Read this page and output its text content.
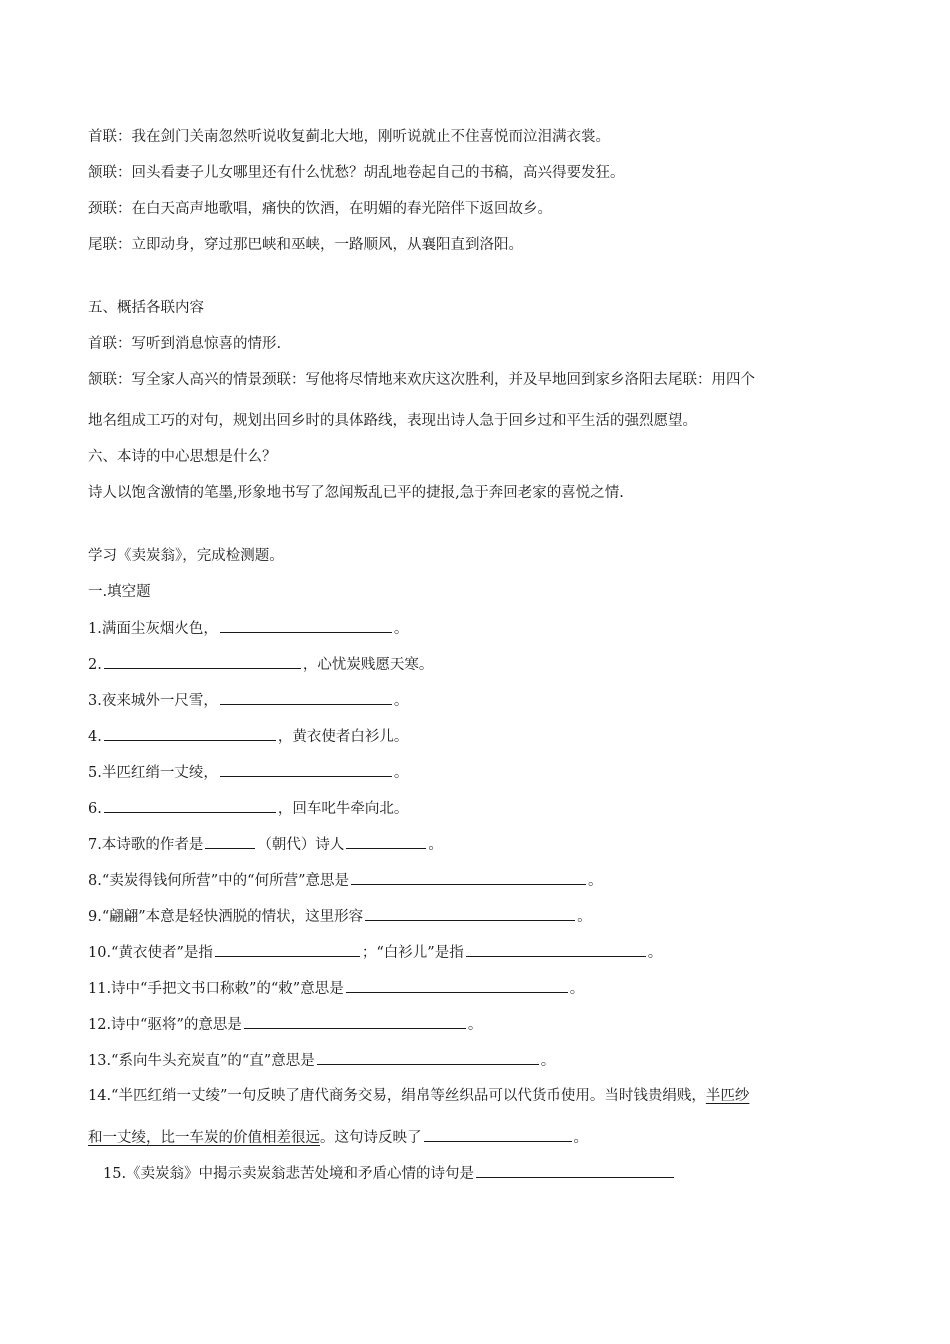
首联：我在剑门关南忽然听说收复蓟北大地，刚听说就止不住喜悦而泣泪满衣裳。
颔联：回头看妻子儿女哪里还有什么忧愁？胡乱地卷起自己的书稿，高兴得要发狂。
颈联：在白天高声地歌唱，痛快的饮酒，在明媚的春光陪伴下返回故乡。
尾联：立即动身，穿过那巴峡和巫峡，一路顺风，从襄阳直到洛阳。
五、概括各联内容
首联：写听到消息惊喜的情形.
颔联：写全家人高兴的情景颈联：写他将尽情地来欢庆这次胜利，并及早地回到家乡洛阳去尾联：用四个
地名组成工巧的对句，规划出回乡时的具体路线，表现出诗人急于回乡过和平生活的强烈愿望。
六、本诗的中心思想是什么？
诗人以饱含激情的笔墨,形象地书写了忽闻叛乱已平的捷报,急于奔回老家的喜悦之情.
学习《卖炭翁》，完成检测题。
一.填空题
1.满面尘灰烟火色，	。
2.	，心忧炭贱愿天寒。
3.夜来城外一尺雪，	。
4.	，黄衣使者白衫儿。
5.半匹红绡一丈绫，	。
6.	，回车叱牛牵向北。
7.本诗歌的作者是	（朝代）诗人	。
8.“卖炭得钱何所营”中的“何所营”意思是	。
9.“翩翩”本意是轻快洒脱的情状，这里形容	。
10.“黄衣使者”是指	；“白衫儿”是指	。
11.诗中“手把文书口称敕”的“敕”意思是	。
12.诗中“驱将”的意思是	。
13.“系向牛头充炭直”的“直”意思是	。
14.“半匹红绡一丈绫”一句反映了唐代商务交易，绢帛等丝织品可以代货币使用。当时钱贵绢贱，半匹纱
和一丈绫，比一车炭的价值相差很远。这句诗反映了	。
15.《卖炭翁》中揭示卖炭翁悲苦处境和矛盾心情的诗句是
